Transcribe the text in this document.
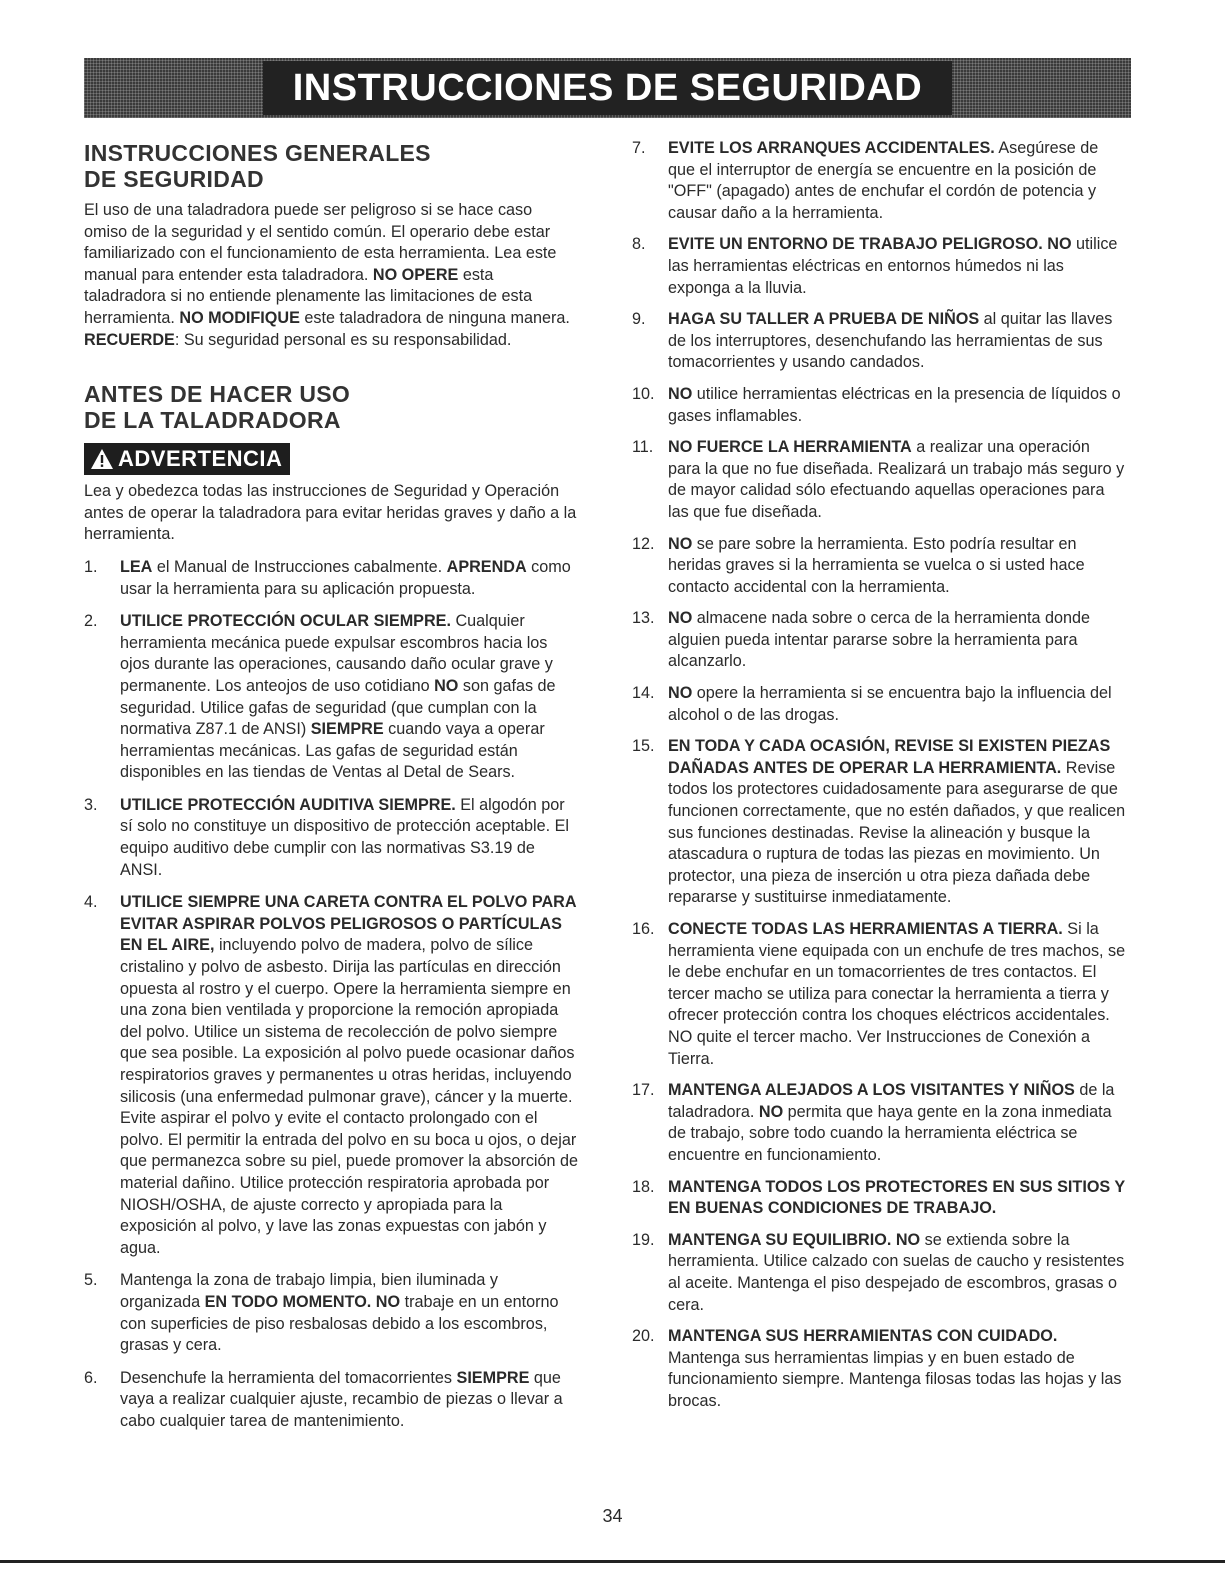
INSTRUCCIONES DE SEGURIDAD
INSTRUCCIONES GENERALES
DE SEGURIDAD

El uso de una taladradora puede ser peligroso si se hace caso omiso de la seguridad y el sentido común. El operario debe estar familiarizado con el funcionamiento de esta herramienta. Lea este manual para entender esta taladradora. NO OPERE esta taladradora si no entiende plenamente las limitaciones de esta herramienta. NO MODIFIQUE este taladradora de ninguna manera. RECUERDE: Su seguridad personal es su responsabilidad.

ANTES DE HACER USO
DE LA TALADRADORA
ADVERTENCIA

Lea y obedezca todas las instrucciones de Seguridad y Operación antes de operar la taladradora para evitar heridas graves y daño a la herramienta.

1.	LEA el Manual de Instrucciones cabalmente. APRENDA como usar la herramienta para su aplicación propuesta.
2.	UTILICE PROTECCIÓN OCULAR SIEMPRE. Cualquier herramienta mecánica puede expulsar escombros hacia los ojos durante las operaciones, causando daño ocular grave y permanente. Los anteojos de uso cotidiano NO son gafas de seguridad. Utilice gafas de seguridad (que cumplan con la normativa Z87.1 de ANSI) SIEMPRE cuando vaya a operar herramientas mecánicas. Las gafas de seguridad están disponibles en las tiendas de Ventas al Detal de Sears.
3.	UTILICE PROTECCIÓN AUDITIVA SIEMPRE. El algodón por sí solo no constituye un dispositivo de protección aceptable. El equipo auditivo debe cumplir con las normativas S3.19 de ANSI.
4.	UTILICE SIEMPRE UNA CARETA CONTRA EL POLVO PARA EVITAR ASPIRAR POLVOS PELIGROSOS O PARTÍCULAS EN EL AIRE, incluyendo polvo de madera, polvo de sílice cristalino y polvo de asbesto. Dirija las partículas en dirección opuesta al rostro y el cuerpo. Opere la herramienta siempre en una zona bien ventilada y proporcione la remoción apropiada del polvo. Utilice un sistema de recolección de polvo siempre que sea posible. La exposición al polvo puede ocasionar daños respiratorios graves y permanentes u otras heridas, incluyendo silicosis (una enfermedad pulmonar grave), cáncer y la muerte. Evite aspirar el polvo y evite el contacto prolongado con el polvo. El permitir la entrada del polvo en su boca u ojos, o dejar que permanezca sobre su piel, puede promover la absorción de material dañino. Utilice protección respiratoria aprobada por NIOSH/OSHA, de ajuste correcto y apropiada para la exposición al polvo, y lave las zonas expuestas con jabón y agua.
5.	Mantenga la zona de trabajo limpia, bien iluminada y organizada EN TODO MOMENTO. NO trabaje en un entorno con superficies de piso resbalosas debido a los escombros, grasas y cera.
6.	Desenchufe la herramienta del tomacorrientes SIEMPRE que vaya a realizar cualquier ajuste, recambio de piezas o llevar a cabo cualquier tarea de mantenimiento.
7.	EVITE LOS ARRANQUES ACCIDENTALES. Asegúrese de que el interruptor de energía se encuentre en la posición de "OFF" (apagado) antes de enchufar el cordón de potencia y causar daño a la herramienta.
8.	EVITE UN ENTORNO DE TRABAJO PELIGROSO. NO utilice las herramientas eléctricas en entornos húmedos ni las exponga a la lluvia.
9.	HAGA SU TALLER A PRUEBA DE NIÑOS al quitar las llaves de los interruptores, desenchufando las herramientas de sus tomacorrientes y usando candados.
10. NO utilice herramientas eléctricas en la presencia de líquidos o gases inflamables.
11. NO FUERCE LA HERRAMIENTA a realizar una operación para la que no fue diseñada. Realizará un trabajo más seguro y de mayor calidad sólo efectuando aquellas operaciones para las que fue diseñada.
12. NO se pare sobre la herramienta. Esto podría resultar en heridas graves si la herramienta se vuelca o si usted hace contacto accidental con la herramienta.
13. NO almacene nada sobre o cerca de la herramienta donde alguien pueda intentar pararse sobre la herramienta para alcanzarlo.
14. NO opere la herramienta si se encuentra bajo la influencia del alcohol o de las drogas.
15. EN TODA Y CADA OCASIÓN, REVISE SI EXISTEN PIEZAS DAÑADAS ANTES DE OPERAR LA HERRAMIENTA. Revise todos los protectores cuidadosamente para asegurarse de que funcionen correctamente, que no estén dañados, y que realicen sus funciones destinadas. Revise la alineación y busque la atascadura o ruptura de todas las piezas en movimiento. Un protector, una pieza de inserción u otra pieza dañada debe repararse y sustituirse inmediatamente.
16. CONECTE TODAS LAS HERRAMIENTAS A TIERRA. Si la herramienta viene equipada con un enchufe de tres machos, se le debe enchufar en un tomacorrientes de tres contactos. El tercer macho se utiliza para conectar la herramienta a tierra y ofrecer protección contra los choques eléctricos accidentales. NO quite el tercer macho. Ver Instrucciones de Conexión a Tierra.
17. MANTENGA ALEJADOS A LOS VISITANTES Y NIÑOS de la taladradora. NO permita que haya gente en la zona inmediata de trabajo, sobre todo cuando la herramienta eléctrica se encuentre en funcionamiento.
18. MANTENGA TODOS LOS PROTECTORES EN SUS SITIOS Y EN BUENAS CONDICIONES DE TRABAJO.
19. MANTENGA SU EQUILIBRIO. NO se extienda sobre la herramienta. Utilice calzado con suelas de caucho y resistentes al aceite. Mantenga el piso despejado de escombros, grasas o cera.
20. MANTENGA SUS HERRAMIENTAS CON CUIDADO. Mantenga sus herramientas limpias y en buen estado de funcionamiento siempre. Mantenga filosas todas las hojas y las brocas.
34
